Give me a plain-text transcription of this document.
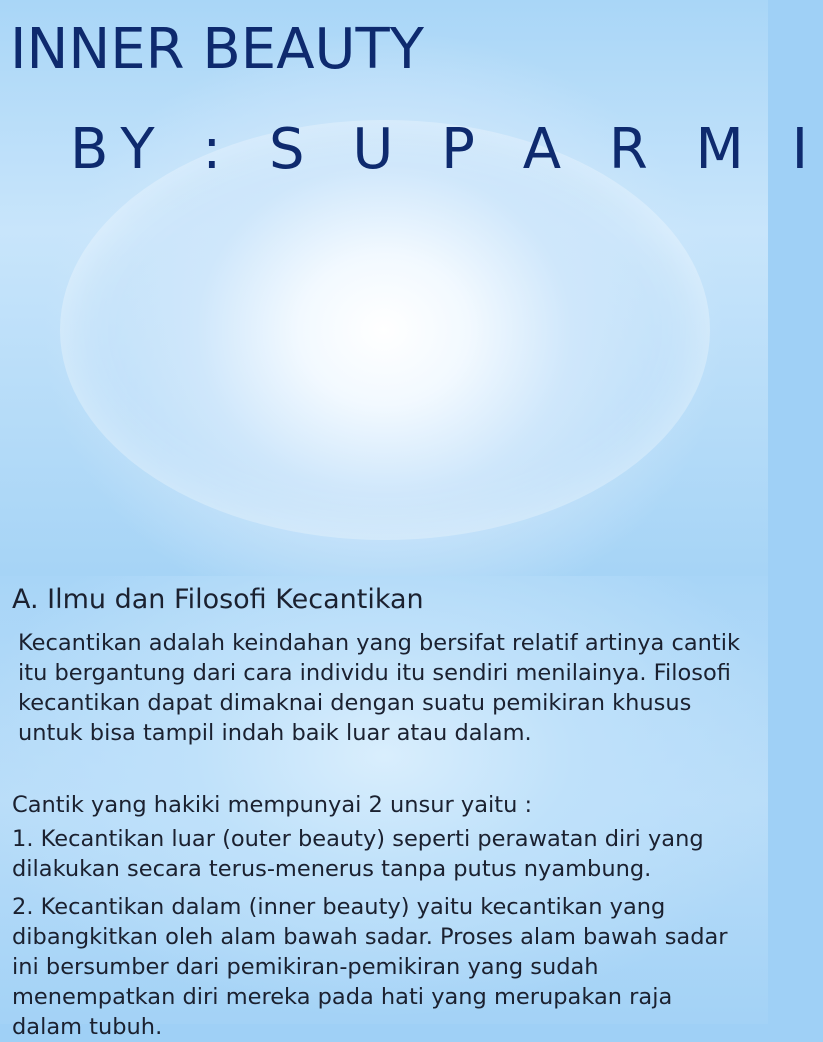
INNER BEAUTY
BY : S U P A R M I
A. Ilmu dan Filosofi Kecantikan

Kecantikan adalah keindahan yang bersifat relatif artinya cantik itu bergantung dari cara individu itu sendiri menilainya. Filosofi kecantikan dapat dimaknai dengan suatu pemikiran khusus untuk bisa tampil indah baik luar atau dalam.

Cantik yang hakiki mempunyai 2 unsur yaitu :

1. Kecantikan luar (outer beauty) seperti perawatan diri yang dilakukan secara terus-menerus tanpa putus nyambung.

2. Kecantikan dalam (inner beauty) yaitu kecantikan yang dibangkitkan oleh alam bawah sadar. Proses alam bawah sadar ini bersumber dari pemikiran-pemikiran yang sudah menempatkan diri mereka pada hati yang merupakan raja dalam tubuh.
